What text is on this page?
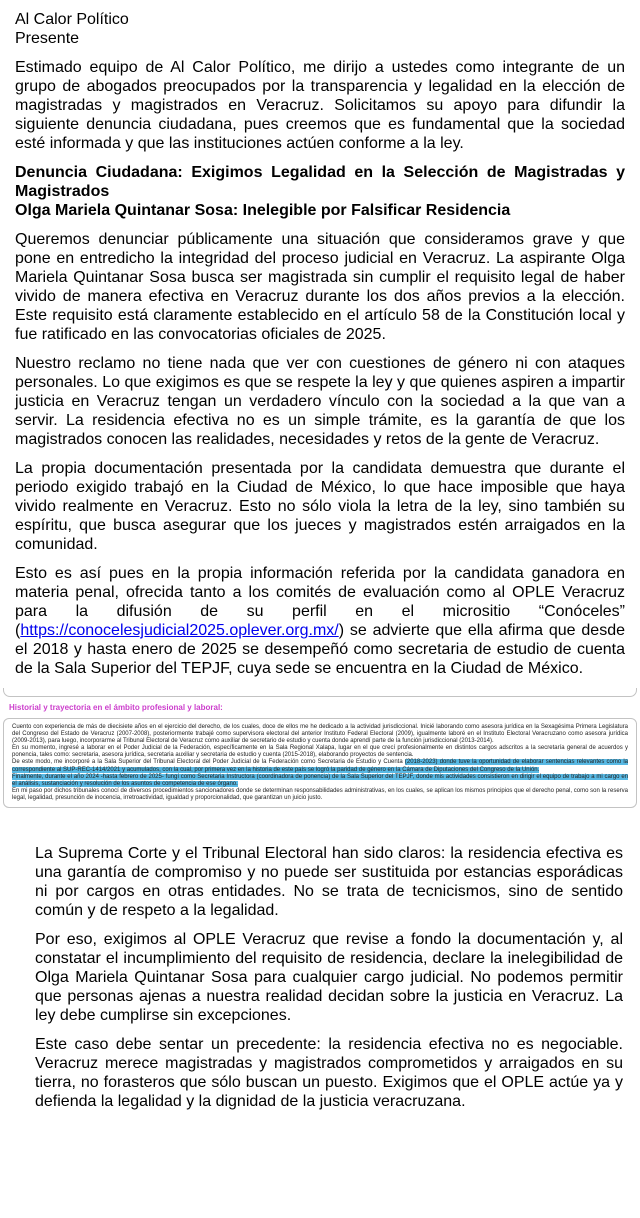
Al Calor Político

Presente

Estimado equipo de Al Calor Político, me dirijo a ustedes como integrante de un grupo de abogados preocupados por la transparencia y legalidad en la elección de magistradas y magistrados en Veracruz. Solicitamos su apoyo para difundir la siguiente denuncia ciudadana, pues creemos que es fundamental que la sociedad esté informada y que las instituciones actúen conforme a la ley.

Denuncia Ciudadana: Exigimos Legalidad en la Selección de Magistradas y Magistrados

Olga Mariela Quintanar Sosa: Inelegible por Falsificar Residencia

Queremos denunciar públicamente una situación que consideramos grave y que pone en entredicho la integridad del proceso judicial en Veracruz. La aspirante Olga Mariela Quintanar Sosa busca ser magistrada sin cumplir el requisito legal de haber vivido de manera efectiva en Veracruz durante los dos años previos a la elección. Este requisito está claramente establecido en el artículo 58 de la Constitución local y fue ratificado en las convocatorias oficiales de 2025.

Nuestro reclamo no tiene nada que ver con cuestiones de género ni con ataques personales. Lo que exigimos es que se respete la ley y que quienes aspiren a impartir justicia en Veracruz tengan un verdadero vínculo con la sociedad a la que van a servir. La residencia efectiva no es un simple trámite, es la garantía de que los magistrados conocen las realidades, necesidades y retos de la gente de Veracruz.

La propia documentación presentada por la candidata demuestra que durante el periodo exigido trabajó en la Ciudad de México, lo que hace imposible que haya vivido realmente en Veracruz. Esto no sólo viola la letra de la ley, sino también su espíritu, que busca asegurar que los jueces y magistrados estén arraigados en la comunidad.

Esto es así pues en la propia información referida por la candidata ganadora en materia penal, ofrecida tanto a los comités de evaluación como al OPLE Veracruz para la difusión de su perfil en el micrositio “Conóceles” (https://conocelesjudicial2025.oplever.org.mx/) se advierte que ella afirma que desde el 2018 y hasta enero de 2025 se desempeñó como secretaria de estudio de cuenta de la Sala Superior del TEPJF, cuya sede se encuentra en la Ciudad de México.

Historial y trayectoria en el ámbito profesional y laboral:

Cuento con experiencia de más de diecisiete años en el ejercicio del derecho, de los cuales, doce de ellos me he dedicado a la actividad jurisdiccional. Inicié laborando como asesora jurídica en la Sexagésima Primera Legislatura del Congreso del Estado de Veracruz (2007-2008), posteriormente trabajé como supervisora electoral del anterior Instituto Federal Electoral (2009), igualmente laboré en el Instituto Electoral Veracruzano como asesora jurídica (2009-2013), para luego, incorporarme al Tribunal Electoral de Veracruz como auxiliar de secretario de estudio y cuenta donde aprendí parte de la función jurisdiccional (2013-2014).

En su momento, ingresé a laborar en el Poder Judicial de la Federación, específicamente en la Sala Regional Xalapa, lugar en el que crecí profesionalmente en distintos cargos adscritos a la secretaría general de acuerdos y ponencia, tales como: secretaria, asesora jurídica, secretaria auxiliar y secretaria de estudio y cuenta (2015-2018), elaborando proyectos de sentencia.

De este modo, me incorporé a la Sala Superior del Tribunal Electoral del Poder Judicial de la Federación como Secretaria de Estudio y Cuenta (2018-2023) donde tuve la oportunidad de elaborar sentencias relevantes como la correspondiente al SUP-REC-1414/2021 y acumulados, con la cual, por primera vez en la historia de este país se logró la paridad de género en la Cámara de Diputaciones del Congreso de la Unión.

Finalmente, durante el año 2024 -hasta febrero de 2025- fungí como Secretaria Instructora (coordinadora de ponencia) de la Sala Superior del TEPJF, donde mis actividades consistieron en dirigir el equipo de trabajo a mi cargo en el análisis, sustanciación y resolución de los asuntos de competencia de ese órgano.

En mi paso por dichos tribunales conocí de diversos procedimientos sancionadores donde se determinan responsabilidades administrativas, en los cuales, se aplican los mismos principios que el derecho penal, como son la reserva legal, legalidad, presunción de inocencia, irretroactividad, igualdad y proporcionalidad, que garantizan un juicio justo.

La Suprema Corte y el Tribunal Electoral han sido claros: la residencia efectiva es una garantía de compromiso y no puede ser sustituida por estancias esporádicas ni por cargos en otras entidades. No se trata de tecnicismos, sino de sentido común y de respeto a la legalidad.

Por eso, exigimos al OPLE Veracruz que revise a fondo la documentación y, al constatar el incumplimiento del requisito de residencia, declare la inelegibilidad de Olga Mariela Quintanar Sosa para cualquier cargo judicial. No podemos permitir que personas ajenas a nuestra realidad decidan sobre la justicia en Veracruz. La ley debe cumplirse sin excepciones.

Este caso debe sentar un precedente: la residencia efectiva no es negociable. Veracruz merece magistradas y magistrados comprometidos y arraigados en su tierra, no forasteros que sólo buscan un puesto. Exigimos que el OPLE actúe ya y defienda la legalidad y la dignidad de la justicia veracruzana.
